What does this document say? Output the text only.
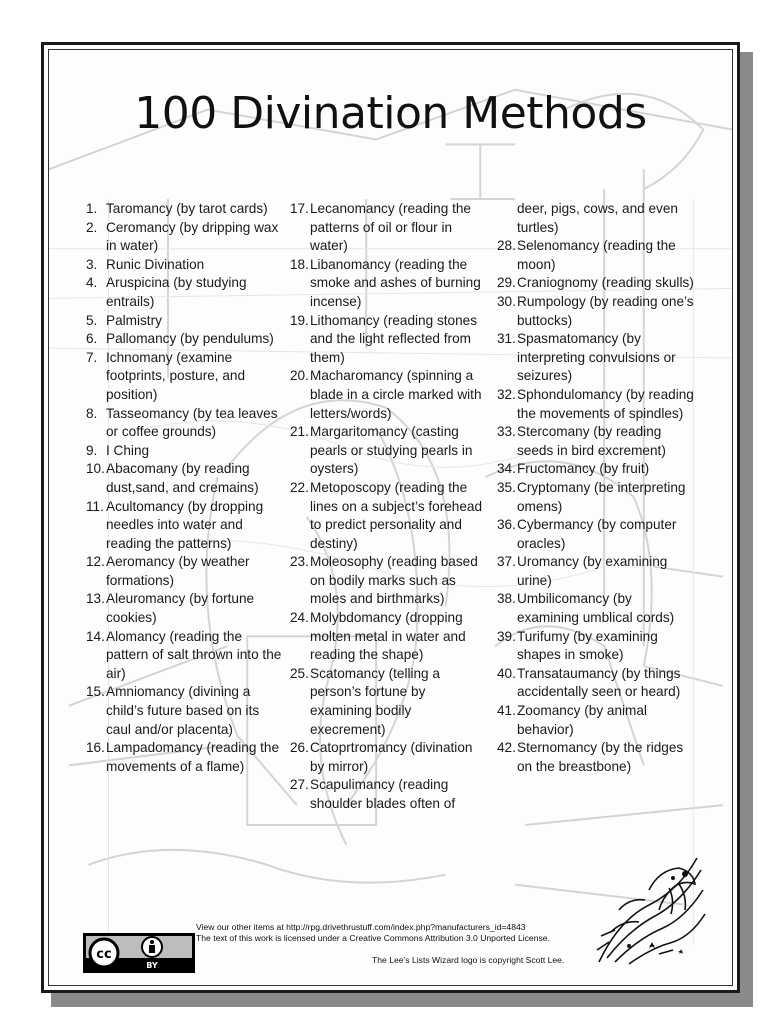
100 Divination Methods
1. Taromancy (by tarot cards)
2. Ceromancy (by dripping wax in water)
3. Runic Divination
4. Aruspicina (by studying entrails)
5. Palmistry
6. Pallomancy (by pendulums)
7. Ichnomany (examine footprints, posture, and position)
8. Tasseomancy (by tea leaves or coffee grounds)
9. I Ching
10. Abacomany (by reading dust,sand, and cremains)
11. Acultomancy (by dropping needles into water and reading the patterns)
12. Aeromancy (by weather formations)
13. Aleuromancy (by fortune cookies)
14. Alomancy (reading the pattern of salt thrown into the air)
15. Amniomancy (divining a child’s future based on its caul and/or placenta)
16. Lampadomancy (reading the movements of a flame)
17. Lecanomancy (reading the patterns of oil or flour in water)
18. Libanomancy (reading the smoke and ashes of burning incense)
19. Lithomancy (reading stones and the light reflected from them)
20. Macharomancy (spinning a blade in a circle marked with letters/words)
21. Margaritomancy (casting pearls or studying pearls in oysters)
22. Metoposcopy (reading the lines on a subject’s forehead to predict personality and destiny)
23. Moleosophy (reading based on bodily marks such as moles and birthmarks)
24. Molybdomancy (dropping molten metal in water and reading the shape)
25. Scatomancy (telling a person’s fortune by examining bodily execrement)
26. Catoprtromancy (divination by mirror)
27. Scapulimancy (reading shoulder blades often of
deer, pigs, cows, and even turtles)
28. Selenomancy (reading the moon)
29. Craniognomy (reading skulls)
30. Rumpology (by reading one’s buttocks)
31. Spasmatomancy (by interpreting convulsions or seizures)
32. Sphondulomancy (by reading the movements of spindles)
33. Stercomany (by reading seeds in bird excrement)
34. Fructomancy (by fruit)
35. Cryptomany (be interpreting omens)
36. Cybermancy (by computer oracles)
37. Uromancy (by examining urine)
38. Umbilicomancy (by examining umblical cords)
39. Turifumy (by examining shapes in smoke)
40. Transataumancy (by things accidentally seen or heard)
41. Zoomancy (by animal behavior)
42. Sternomancy (by the ridges on the breastbone)
View our other items at http://rpg.drivethrustuff.com/index.php?manufacturers_id=4843
The text of this work is licensed under a Creative Commons Attribution 3.0 Unported License.
The Lee’s Lists Wizard logo is copyright Scott Lee.
cc
BY
